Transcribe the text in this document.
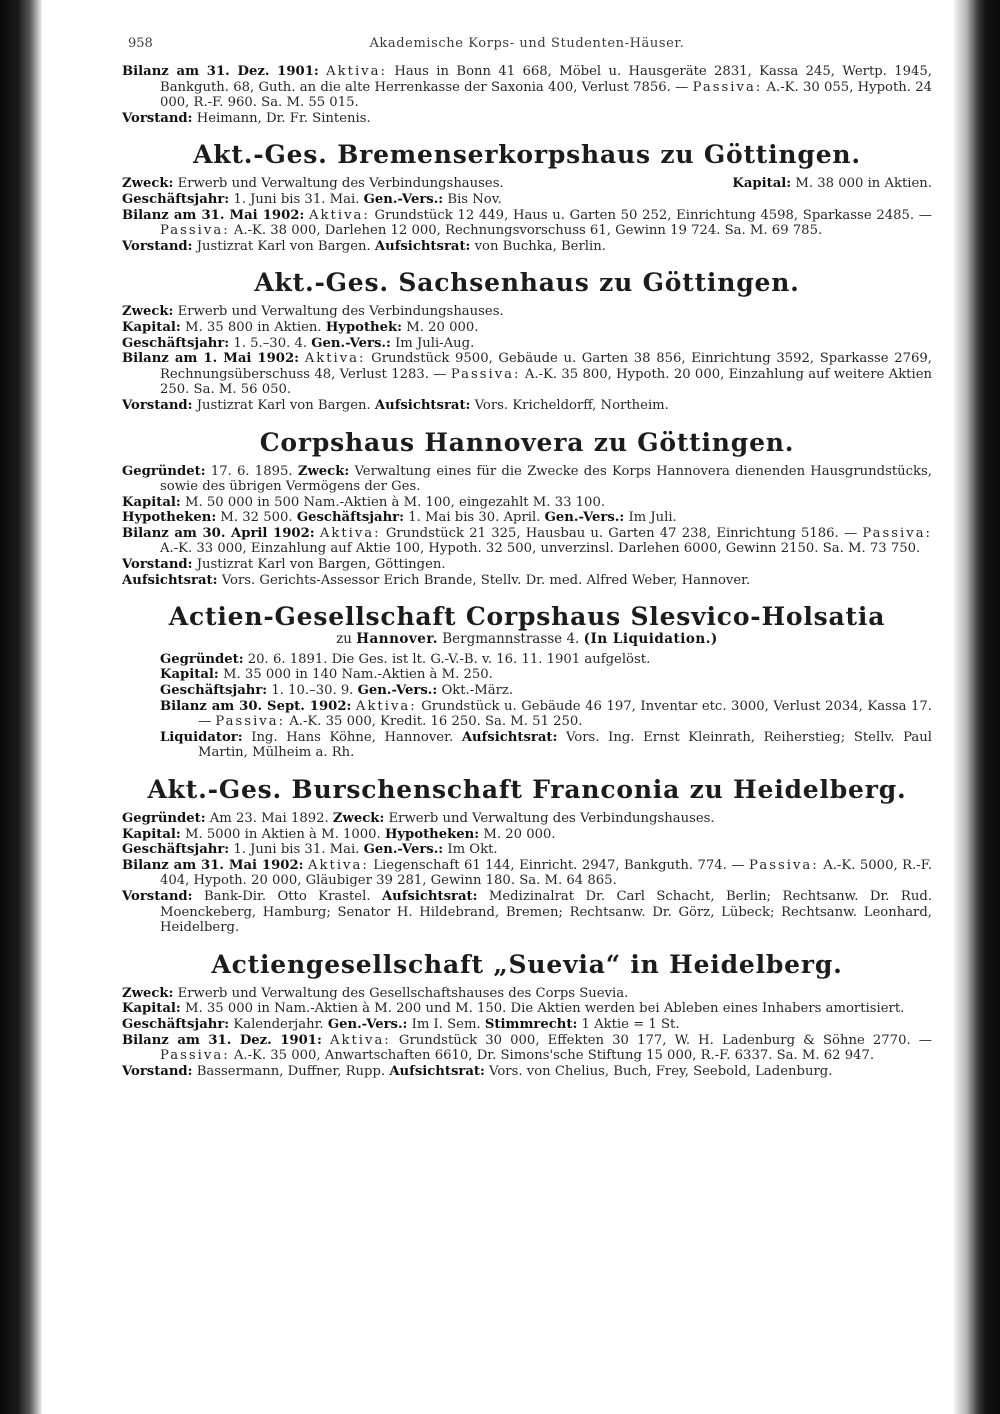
958	Akademische Korps- und Studenten-Häuser.

Bilanz am 31. Dez. 1901: Aktiva: Haus in Bonn 41 668, Möbel u. Hausgeräte 2831, Kassa 245, Wertp. 1945, Bankguth. 68, Guth. an die alte Herrenkasse der Saxonia 400, Verlust 7856. — Passiva: A.-K. 30 055, Hypoth. 24 000, R.-F. 960. Sa. M. 55 015.

Vorstand: Heimann, Dr. Fr. Sintenis.

Akt.-Ges. Bremenserkorpshaus zu Göttingen.
Zweck: Erwerb und Verwaltung des Verbindungshauses.	Kapital: M. 38 000 in Aktien.

Geschäftsjahr: 1. Juni bis 31. Mai. Gen.-Vers.: Bis Nov.

Bilanz am 31. Mai 1902: Aktiva: Grundstück 12 449, Haus u. Garten 50 252, Einrichtung 4598, Sparkasse 2485. — Passiva: A.-K. 38 000, Darlehen 12 000, Rechnungsvorschuss 61, Gewinn 19 724. Sa. M. 69 785.

Vorstand: Justizrat Karl von Bargen. Aufsichtsrat: von Buchka, Berlin.

Akt.-Ges. Sachsenhaus zu Göttingen.

Zweck: Erwerb und Verwaltung des Verbindungshauses.

Kapital: M. 35 800 in Aktien. Hypothek: M. 20 000.

Geschäftsjahr: 1. 5.–30. 4. Gen.-Vers.: Im Juli-Aug.

Bilanz am 1. Mai 1902: Aktiva: Grundstück 9500, Gebäude u. Garten 38 856, Einrichtung 3592, Sparkasse 2769, Rechnungsüberschuss 48, Verlust 1283. — Passiva: A.-K. 35 800, Hypoth. 20 000, Einzahlung auf weitere Aktien 250. Sa. M. 56 050.

Vorstand: Justizrat Karl von Bargen. Aufsichtsrat: Vors. Kricheldorff, Northeim.

Corpshaus Hannovera zu Göttingen.

Gegründet: 17. 6. 1895. Zweck: Verwaltung eines für die Zwecke des Korps Hannovera dienenden Hausgrundstücks, sowie des übrigen Vermögens der Ges.

Kapital: M. 50 000 in 500 Nam.-Aktien à M. 100, eingezahlt M. 33 100.

Hypotheken: M. 32 500. Geschäftsjahr: 1. Mai bis 30. April. Gen.-Vers.: Im Juli.

Bilanz am 30. April 1902: Aktiva: Grundstück 21 325, Hausbau u. Garten 47 238, Einrichtung 5186. — Passiva: A.-K. 33 000, Einzahlung auf Aktie 100, Hypoth. 32 500, unverzinsl. Darlehen 6000, Gewinn 2150. Sa. M. 73 750.

Vorstand: Justizrat Karl von Bargen, Göttingen.

Aufsichtsrat: Vors. Gerichts-Assessor Erich Brande, Stellv. Dr. med. Alfred Weber, Hannover.

Actien-Gesellschaft Corpshaus Slesvico-Holsatia
zu Hannover. Bergmannstrasse 4. (In Liquidation.)

Gegründet: 20. 6. 1891. Die Ges. ist lt. G.-V.-B. v. 16. 11. 1901 aufgelöst.

Kapital: M. 35 000 in 140 Nam.-Aktien à M. 250.

Geschäftsjahr: 1. 10.–30. 9. Gen.-Vers.: Okt.-März.

Bilanz am 30. Sept. 1902: Aktiva: Grundstück u. Gebäude 46 197, Inventar etc. 3000, Verlust 2034, Kassa 17. — Passiva: A.-K. 35 000, Kredit. 16 250. Sa. M. 51 250.

Liquidator: Ing. Hans Köhne, Hannover. Aufsichtsrat: Vors. Ing. Ernst Kleinrath, Reiherstieg; Stellv. Paul Martin, Mülheim a. Rh.

Akt.-Ges. Burschenschaft Franconia zu Heidelberg.

Gegründet: Am 23. Mai 1892. Zweck: Erwerb und Verwaltung des Verbindungshauses.

Kapital: M. 5000 in Aktien à M. 1000. Hypotheken: M. 20 000.

Geschäftsjahr: 1. Juni bis 31. Mai. Gen.-Vers.: Im Okt.

Bilanz am 31. Mai 1902: Aktiva: Liegenschaft 61 144, Einricht. 2947, Bankguth. 774. — Passiva: A.-K. 5000, R.-F. 404, Hypoth. 20 000, Gläubiger 39 281, Gewinn 180. Sa. M. 64 865.

Vorstand: Bank-Dir. Otto Krastel. Aufsichtsrat: Medizinalrat Dr. Carl Schacht, Berlin; Rechtsanw. Dr. Rud. Moenckeberg, Hamburg; Senator H. Hildebrand, Bremen; Rechtsanw. Dr. Görz, Lübeck; Rechtsanw. Leonhard, Heidelberg.

Actiengesellschaft „Suevia“ in Heidelberg.

Zweck: Erwerb und Verwaltung des Gesellschaftshauses des Corps Suevia.

Kapital: M. 35 000 in Nam.-Aktien à M. 200 und M. 150. Die Aktien werden bei Ableben eines Inhabers amortisiert.

Geschäftsjahr: Kalenderjahr. Gen.-Vers.: Im I. Sem. Stimmrecht: 1 Aktie = 1 St.

Bilanz am 31. Dez. 1901: Aktiva: Grundstück 30 000, Effekten 30 177, W. H. Ladenburg & Söhne 2770. — Passiva: A.-K. 35 000, Anwartschaften 6610, Dr. Simons'sche Stiftung 15 000, R.-F. 6337. Sa. M. 62 947.

Vorstand: Bassermann, Duffner, Rupp. Aufsichtsrat: Vors. von Chelius, Buch, Frey, Seebold, Ladenburg.
